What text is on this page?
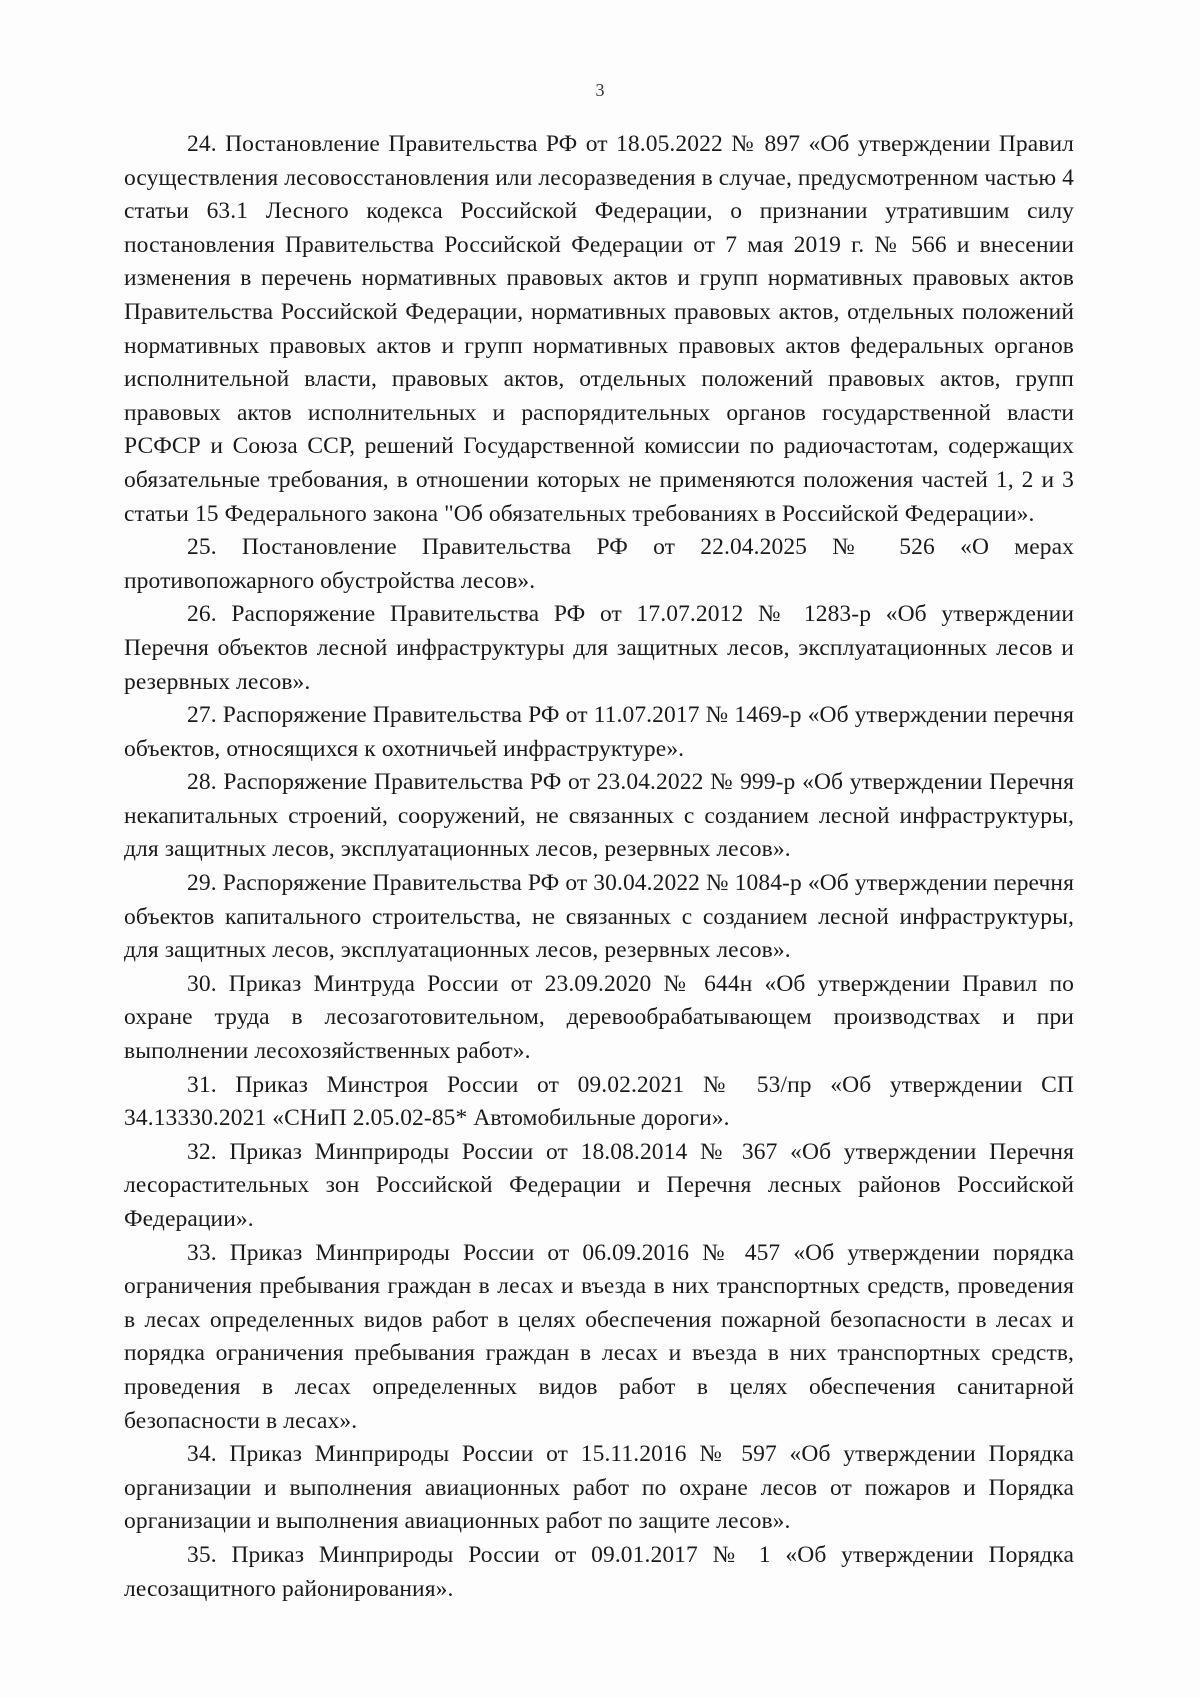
3

24. Постановление Правительства РФ от 18.05.2022 № 897 «Об утверждении Правил осуществления лесовосстановления или лесоразведения в случае, предусмотренном частью 4 статьи 63.1 Лесного кодекса Российской Федерации, о признании утратившим силу постановления Правительства Российской Федерации от 7 мая 2019 г. № 566 и внесении изменения в перечень нормативных правовых актов и групп нормативных правовых актов Правительства Российской Федерации, нормативных правовых актов, отдельных положений нормативных правовых актов и групп нормативных правовых актов федеральных органов исполнительной власти, правовых актов, отдельных положений правовых актов, групп правовых актов исполнительных и распорядительных органов государственной власти РСФСР и Союза ССР, решений Государственной комиссии по радиочастотам, содержащих обязательные требования, в отношении которых не применяются положения частей 1, 2 и 3 статьи 15 Федерального закона "Об обязательных требованиях в Российской Федерации».

25. Постановление Правительства РФ от 22.04.2025 № 526 «О мерах противопожарного обустройства лесов».

26. Распоряжение Правительства РФ от 17.07.2012 № 1283-р «Об утверждении Перечня объектов лесной инфраструктуры для защитных лесов, эксплуатационных лесов и резервных лесов».

27. Распоряжение Правительства РФ от 11.07.2017 № 1469-р «Об утверждении перечня объектов, относящихся к охотничьей инфраструктуре».

28. Распоряжение Правительства РФ от 23.04.2022 № 999-р «Об утверждении Перечня некапитальных строений, сооружений, не связанных с созданием лесной инфраструктуры, для защитных лесов, эксплуатационных лесов, резервных лесов».

29. Распоряжение Правительства РФ от 30.04.2022 № 1084-р «Об утверждении перечня объектов капитального строительства, не связанных с созданием лесной инфраструктуры, для защитных лесов, эксплуатационных лесов, резервных лесов».

30. Приказ Минтруда России от 23.09.2020 № 644н «Об утверждении Правил по охране труда в лесозаготовительном, деревообрабатывающем производствах и при выполнении лесохозяйственных работ».

31. Приказ Минстроя России от 09.02.2021 № 53/пр «Об утверждении СП 34.13330.2021 «СНиП 2.05.02-85* Автомобильные дороги».

32. Приказ Минприроды России от 18.08.2014 № 367 «Об утверждении Перечня лесорастительных зон Российской Федерации и Перечня лесных районов Российской Федерации».

33. Приказ Минприроды России от 06.09.2016 № 457 «Об утверждении порядка ограничения пребывания граждан в лесах и въезда в них транспортных средств, проведения в лесах определенных видов работ в целях обеспечения пожарной безопасности в лесах и порядка ограничения пребывания граждан в лесах и въезда в них транспортных средств, проведения в лесах определенных видов работ в целях обеспечения санитарной безопасности в лесах».

34. Приказ Минприроды России от 15.11.2016 № 597 «Об утверждении Порядка организации и выполнения авиационных работ по охране лесов от пожаров и Порядка организации и выполнения авиационных работ по защите лесов».

35. Приказ Минприроды России от 09.01.2017 № 1 «Об утверждении Порядка лесозащитного районирования».
